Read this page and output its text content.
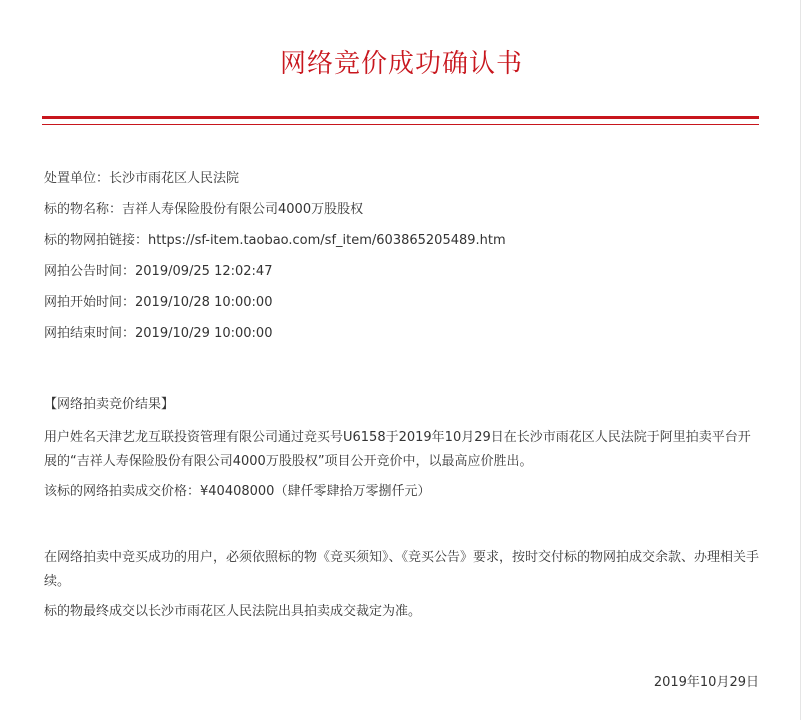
网络竞价成功确认书
处置单位：长沙市雨花区人民法院
标的物名称：吉祥人寿保险股份有限公司4000万股股权
标的物网拍链接：https://sf-item.taobao.com/sf_item/603865205489.htm
网拍公告时间：2019/09/25 12:02:47
网拍开始时间：2019/10/28 10:00:00
网拍结束时间：2019/10/29 10:00:00
【网络拍卖竞价结果】

用户姓名天津艺龙互联投资管理有限公司通过竞买号U6158于2019年10月29日在长沙市雨花区人民法院于阿里拍卖平台开展的“吉祥人寿保险股份有限公司4000万股股权”项目公开竞价中，以最高应价胜出。

该标的网络拍卖成交价格：¥40408000（肆仟零肆拾万零捌仟元）

在网络拍卖中竞买成功的用户，必须依照标的物《竞买须知》、《竞买公告》要求，按时交付标的物网拍成交余款、办理相关手续。

标的物最终成交以长沙市雨花区人民法院出具拍卖成交裁定为准。

2019年10月29日
